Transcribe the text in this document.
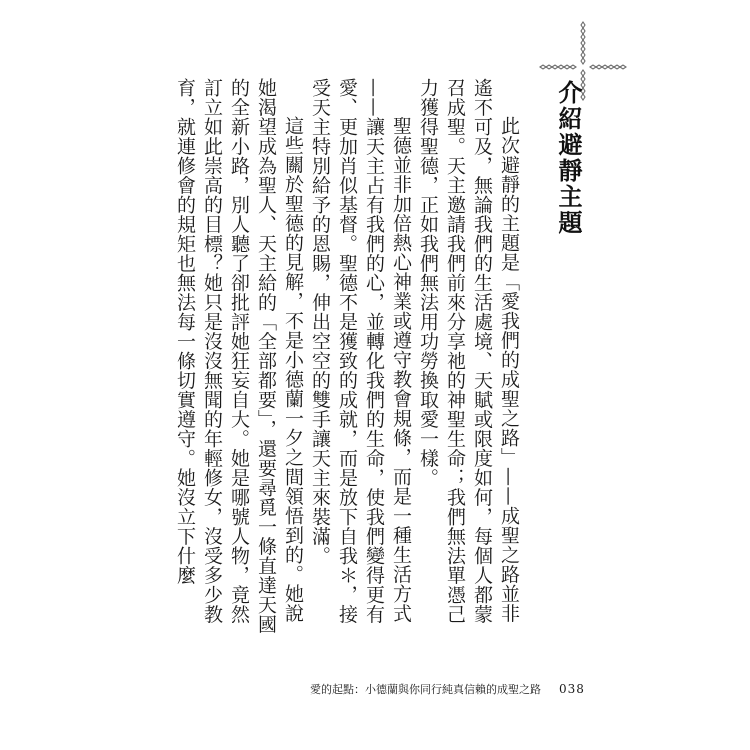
介紹避靜主題

此次避靜的主題是「愛我們的成聖之路」——成聖之路並非遙不可及，無論我們的生活處境、天賦或限度如何，每個人都蒙召成聖。天主邀請我們前來分享祂的神聖生命；我們無法單憑己力獲得聖德，正如我們無法用功勞換取愛一樣。

聖德並非加倍熱心神業或遵守教會規條，而是一種生活方式——讓天主占有我們的心，並轉化我們的生命，使我們變得更有愛、更加肖似基督。聖德不是獲致的成就，而是放下自我＊，接受天主特別給予的恩賜，伸出空空的雙手讓天主來裝滿。

這些關於聖德的見解，不是小德蘭一夕之間領悟到的。她說她渴望成為聖人、天主給的「全部都要」，還要尋覓一條直達天國的全新小路，別人聽了卻批評她狂妄自大。她是哪號人物，竟然訂立如此崇高的目標？她只是沒沒無聞的年輕修女，沒受多少教育，就連修會的規矩也無法每一條切實遵守。她沒立下什麼

愛的起點：小德蘭與你同行純真信賴的成聖之路 038
